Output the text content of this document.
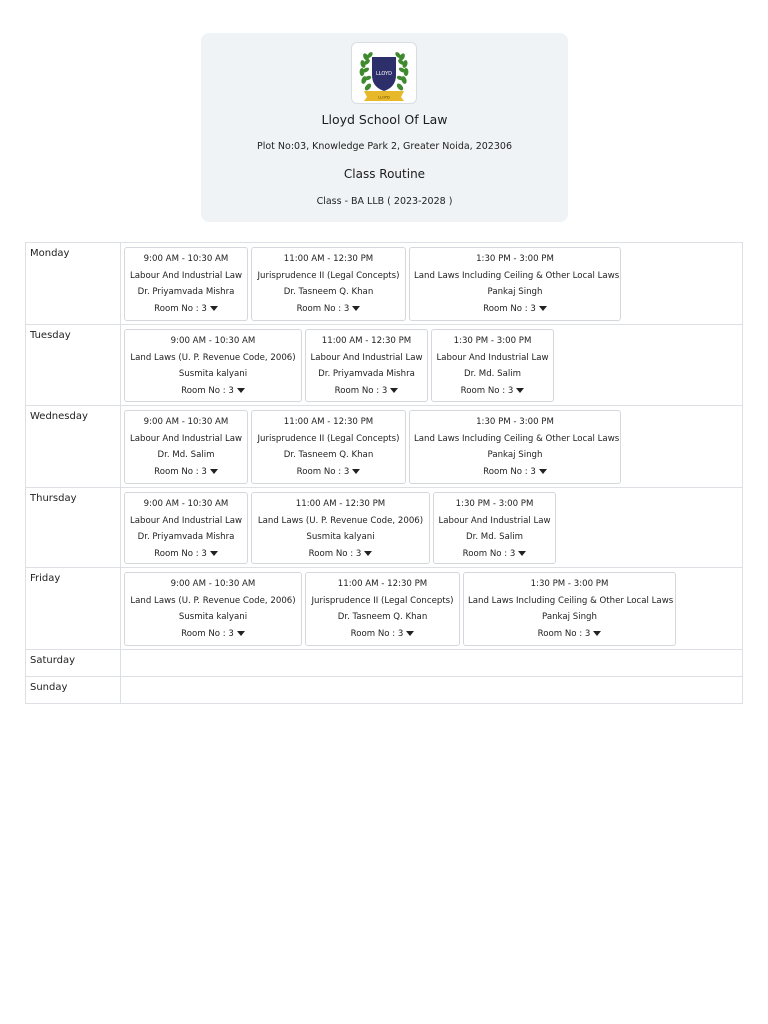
LLOYD
LLOYD
Lloyd School Of Law
Plot No:03, Knowledge Park 2, Greater Noida, 202306
Class Routine
Class - BA LLB ( 2023-2028 )
Monday	9:00 AM - 10:30 AM
Labour And Industrial Law
Dr. Priyamvada Mishra
Room No : 3
11:00 AM - 12:30 PM
Jurisprudence II (Legal Concepts)
Dr. Tasneem Q. Khan
Room No : 3
1:30 PM - 3:00 PM
Land Laws Including Ceiling & Other Local Laws
Pankaj Singh
Room No : 3
Tuesday	9:00 AM - 10:30 AM
Land Laws (U. P. Revenue Code, 2006)
Susmita kalyani
Room No : 3
11:00 AM - 12:30 PM
Labour And Industrial Law
Dr. Priyamvada Mishra
Room No : 3
1:30 PM - 3:00 PM
Labour And Industrial Law
Dr. Md. Salim
Room No : 3
Wednesday	9:00 AM - 10:30 AM
Labour And Industrial Law
Dr. Md. Salim
Room No : 3
11:00 AM - 12:30 PM
Jurisprudence II (Legal Concepts)
Dr. Tasneem Q. Khan
Room No : 3
1:30 PM - 3:00 PM
Land Laws Including Ceiling & Other Local Laws
Pankaj Singh
Room No : 3
Thursday	9:00 AM - 10:30 AM
Labour And Industrial Law
Dr. Priyamvada Mishra
Room No : 3
11:00 AM - 12:30 PM
Land Laws (U. P. Revenue Code, 2006)
Susmita kalyani
Room No : 3
1:30 PM - 3:00 PM
Labour And Industrial Law
Dr. Md. Salim
Room No : 3
Friday	9:00 AM - 10:30 AM
Land Laws (U. P. Revenue Code, 2006)
Susmita kalyani
Room No : 3
11:00 AM - 12:30 PM
Jurisprudence II (Legal Concepts)
Dr. Tasneem Q. Khan
Room No : 3
1:30 PM - 3:00 PM
Land Laws Including Ceiling & Other Local Laws
Pankaj Singh
Room No : 3
Saturday
Sunday
